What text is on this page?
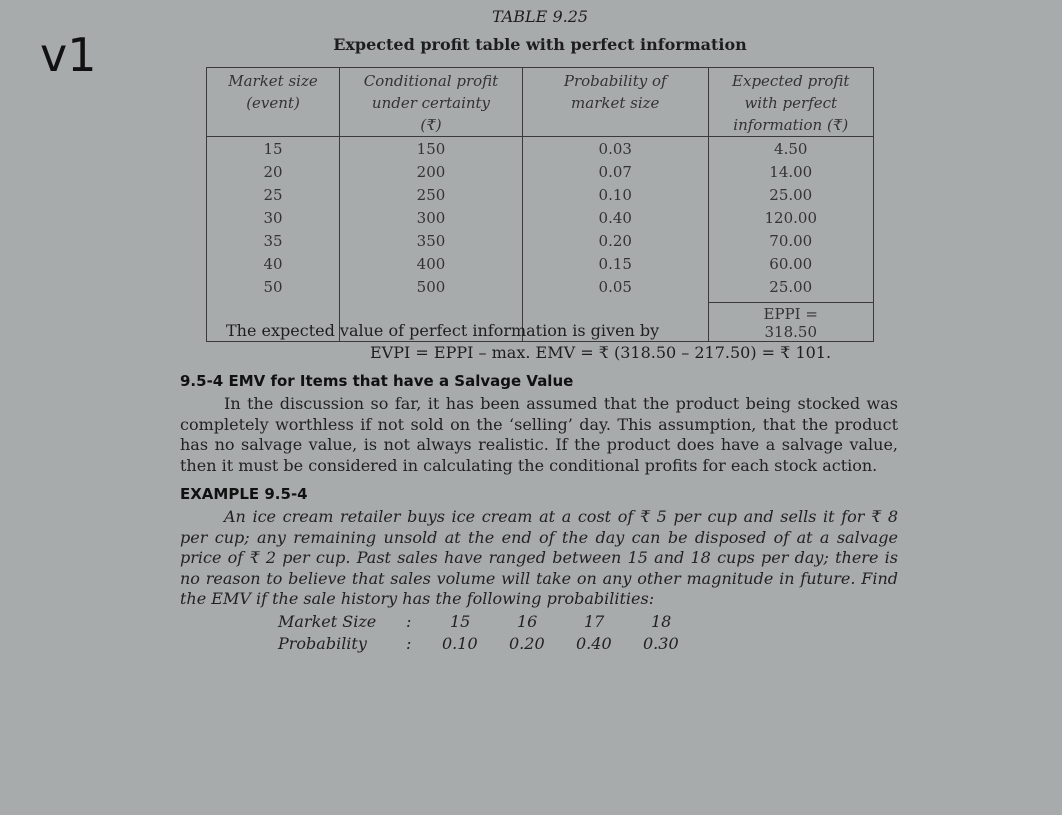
v1
TABLE 9.25
Expected profit table with perfect information
Market size (event)	Conditional profit under certainty (₹)	Probability of market size	Expected profit with perfect information (₹)
15	150	0.03	4.50
20	200	0.07	14.00
25	250	0.10	25.00
30	300	0.40	120.00
35	350	0.20	70.00
40	400	0.15	60.00
50	500	0.05	25.00
			EPPI = 318.50
The expected value of perfect information is given by
EVPI = EPPI – max. EMV = ₹ (318.50 – 217.50) = ₹ 101.
9.5-4 EMV for Items that have a Salvage Value
In the discussion so far, it has been assumed that the product being stocked was completely worthless if not sold on the ‘selling’ day. This assumption, that the product has no salvage value, is not always realistic. If the product does have a salvage value, then it must be considered in calculating the conditional profits for each stock action.
EXAMPLE 9.5-4
An ice cream retailer buys ice cream at a cost of ₹ 5 per cup and sells it for ₹ 8 per cup; any remaining unsold at the end of the day can be disposed of at a salvage price of ₹ 2 per cup. Past sales have ranged between 15 and 18 cups per day; there is no reason to believe that sales volume will take on any other magnitude in future. Find the EMV if the sale history has the following probabilities:
Market Size : 15	16	17	18
Probability : 0.10 0.20 0.40 0.30
